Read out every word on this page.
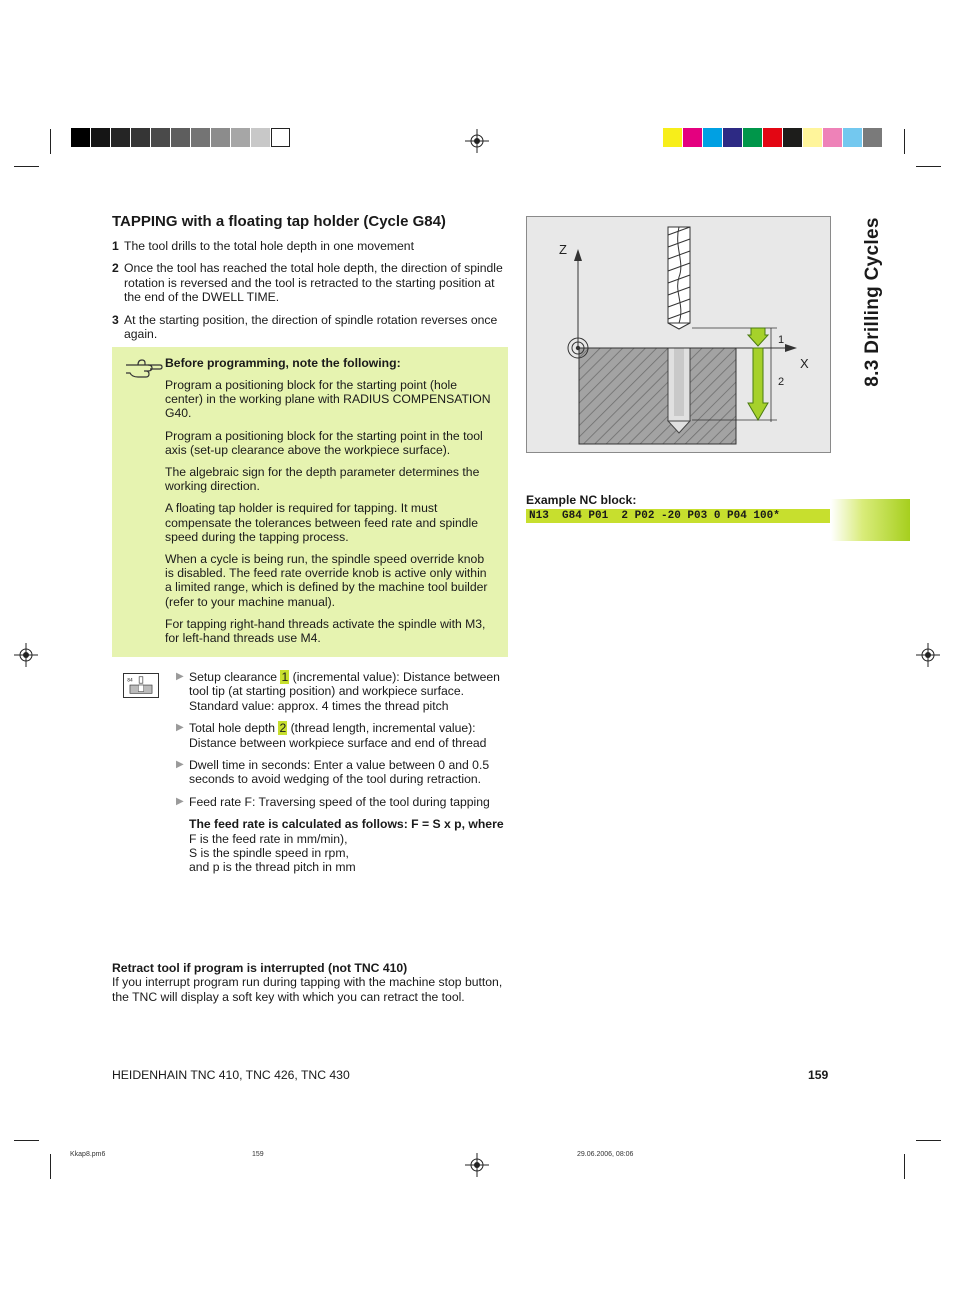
8.3 Drilling Cycles
TAPPING with a floating tap holder (Cycle G84)
1 The tool drills to the total hole depth in one movement
2 Once the tool has reached the total hole depth, the direction of spindle rotation is reversed and the tool is retracted to the starting position at the end of the DWELL TIME.
3 At the starting position, the direction of spindle rotation reverses once again.
Before programming, note the following:

Program a positioning block for the starting point (hole center) in the working plane with RADIUS COMPENSATION G40.

Program a positioning block for the starting point in the tool axis (set-up clearance above the workpiece surface).

The algebraic sign for the depth parameter determines the working direction.

A floating tap holder is required for tapping. It must compensate the tolerances between feed rate and spindle speed during the tapping process.

When a cycle is being run, the spindle speed override knob is disabled. The feed rate override knob is active only within a limited range, which is defined by the machine tool builder (refer to your machine manual).

For tapping right-hand threads activate the spindle with M3, for left-hand threads use M4.

84	▶ Setup clearance 1 (incremental value): Distance between tool tip (at starting position) and workpiece surface. Standard value: approx. 4 times the thread pitch
▶ Total hole depth 2 (thread length, incremental value): Distance between workpiece surface and end of thread
▶ Dwell time in seconds: Enter a value between 0 and 0.5 seconds to avoid wedging of the tool during retraction.
▶ Feed rate F: Traversing speed of the tool during tapping
The feed rate is calculated as follows: F = S x p, where
F is the feed rate in mm/min),
S is the spindle speed in rpm,
and p is the thread pitch in mm
Retract tool if program is interrupted (not TNC 410)
If you interrupt program run during tapping with the machine stop button, the TNC will display a soft key with which you can retract the tool.
Z
X
1
2
Example NC block:
N13  G84 P01  2 P02 -20 P03 0 P04 100*
HEIDENHAIN TNC 410, TNC 426, TNC 430	159
Kkap8.pm6	159	29.06.2006, 08:06
